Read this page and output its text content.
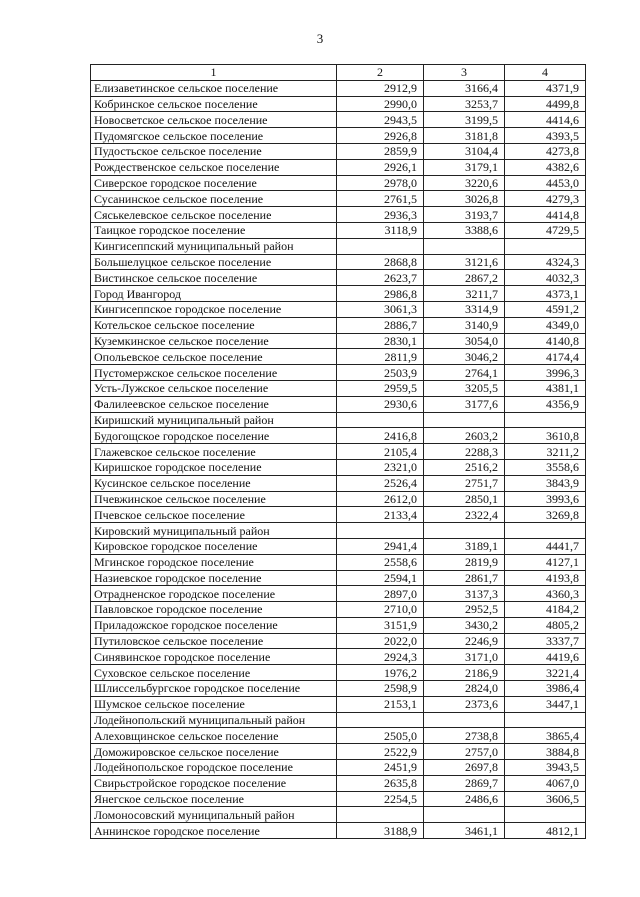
3
1	2	3	4
Елизаветинское сельское поселение	2912,9	3166,4	4371,9
Кобринское сельское поселение	2990,0	3253,7	4499,8
Новосветское сельское поселение	2943,5	3199,5	4414,6
Пудомягское сельское поселение	2926,8	3181,8	4393,5
Пудостьское сельское поселение	2859,9	3104,4	4273,8
Рождественское сельское поселение	2926,1	3179,1	4382,6
Сиверское городское поселение	2978,0	3220,6	4453,0
Сусанинское сельское поселение	2761,5	3026,8	4279,3
Сяськелевское сельское поселение	2936,3	3193,7	4414,8
Таицкое городское поселение	3118,9	3388,6	4729,5
Кингисеппский муниципальный район			
Большелуцкое сельское поселение	2868,8	3121,6	4324,3
Вистинское сельское поселение	2623,7	2867,2	4032,3
Город Ивангород	2986,8	3211,7	4373,1
Кингисеппское городское поселение	3061,3	3314,9	4591,2
Котельское сельское поселение	2886,7	3140,9	4349,0
Куземкинское сельское поселение	2830,1	3054,0	4140,8
Опольевское сельское поселение	2811,9	3046,2	4174,4
Пустомержское сельское поселение	2503,9	2764,1	3996,3
Усть-Лужское сельское поселение	2959,5	3205,5	4381,1
Фалилеевское сельское поселение	2930,6	3177,6	4356,9
Киришский муниципальный район			
Будогощское городское поселение	2416,8	2603,2	3610,8
Глажевское сельское поселение	2105,4	2288,3	3211,2
Киришское городское поселение	2321,0	2516,2	3558,6
Кусинское сельское поселение	2526,4	2751,7	3843,9
Пчевжинское сельское поселение	2612,0	2850,1	3993,6
Пчевское сельское поселение	2133,4	2322,4	3269,8
Кировский муниципальный район			
Кировское городское поселение	2941,4	3189,1	4441,7
Мгинское городское поселение	2558,6	2819,9	4127,1
Назиевское городское поселение	2594,1	2861,7	4193,8
Отрадненское городское поселение	2897,0	3137,3	4360,3
Павловское городское поселение	2710,0	2952,5	4184,2
Приладожское городское поселение	3151,9	3430,2	4805,2
Путиловское сельское поселение	2022,0	2246,9	3337,7
Синявинское городское поселение	2924,3	3171,0	4419,6
Суховское сельское поселение	1976,2	2186,9	3221,4
Шлиссельбургское городское поселение	2598,9	2824,0	3986,4
Шумское сельское поселение	2153,1	2373,6	3447,1
Лодейнопольский муниципальный район			
Алеховщинское сельское поселение	2505,0	2738,8	3865,4
Доможировское сельское поселение	2522,9	2757,0	3884,8
Лодейнопольское городское поселение	2451,9	2697,8	3943,5
Свирьстройское городское поселение	2635,8	2869,7	4067,0
Янегское сельское поселение	2254,5	2486,6	3606,5
Ломоносовский муниципальный район			
Аннинское городское поселение	3188,9	3461,1	4812,1
